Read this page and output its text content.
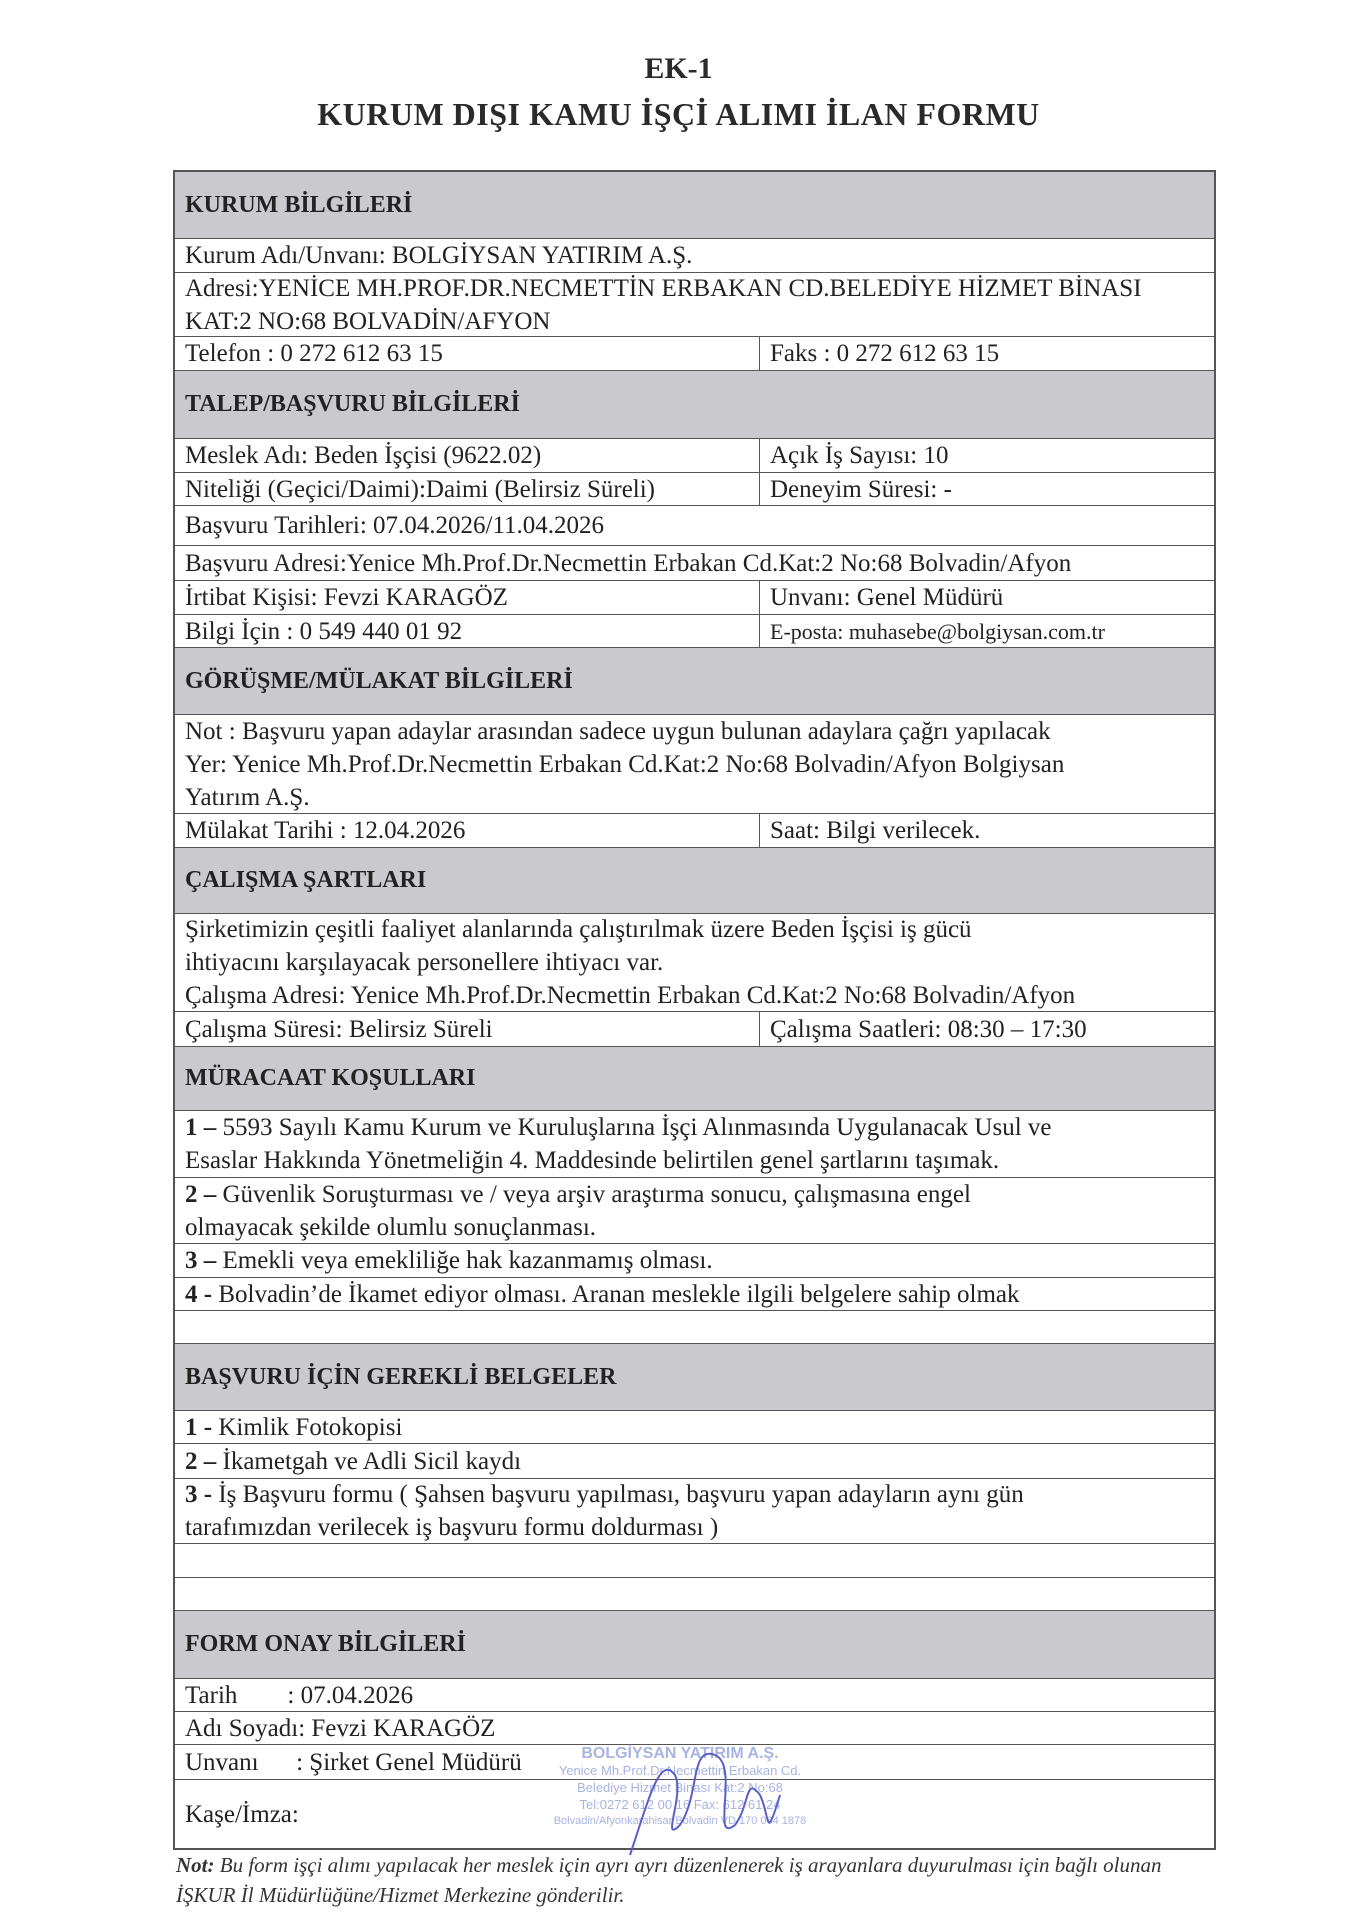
EK-1
KURUM DIŞI KAMU İŞÇİ ALIMI İLAN FORMU
KURUM BİLGİLERİ
Kurum Adı/Unvanı: BOLGİYSAN YATIRIM A.Ş.
Adresi:YENİCE MH.PROF.DR.NECMETTİN ERBAKAN CD.BELEDİYE HİZMET BİNASI
KAT:2 NO:68 BOLVADİN/AFYON
Telefon : 0 272 612 63 15	Faks : 0 272 612 63 15
TALEP/BAŞVURU BİLGİLERİ
Meslek Adı: Beden İşçisi (9622.02)	Açık İş Sayısı: 10
Niteliği (Geçici/Daimi):Daimi (Belirsiz Süreli)	Deneyim Süresi: -
Başvuru Tarihleri: 07.04.2026/11.04.2026
Başvuru Adresi:Yenice Mh.Prof.Dr.Necmettin Erbakan Cd.Kat:2 No:68 Bolvadin/Afyon
İrtibat Kişisi: Fevzi KARAGÖZ	Unvanı: Genel Müdürü
Bilgi İçin : 0 549 440 01 92	E-posta: muhasebe@bolgiysan.com.tr
GÖRÜŞME/MÜLAKAT BİLGİLERİ
Not : Başvuru yapan adaylar arasından sadece uygun bulunan adaylara çağrı yapılacak
Yer: Yenice Mh.Prof.Dr.Necmettin Erbakan Cd.Kat:2 No:68 Bolvadin/Afyon Bolgiysan
Yatırım A.Ş.
Mülakat Tarihi : 12.04.2026	Saat: Bilgi verilecek.
ÇALIŞMA ŞARTLARI
Şirketimizin çeşitli faaliyet alanlarında çalıştırılmak üzere Beden İşçisi iş gücü
ihtiyacını karşılayacak personellere ihtiyacı var.
Çalışma Adresi: Yenice Mh.Prof.Dr.Necmettin Erbakan Cd.Kat:2 No:68 Bolvadin/Afyon
Çalışma Süresi: Belirsiz Süreli	Çalışma Saatleri: 08:30 – 17:30
MÜRACAAT KOŞULLARI
1 – 5593 Sayılı Kamu Kurum ve Kuruluşlarına İşçi Alınmasında Uygulanacak Usul ve
Esaslar Hakkında Yönetmeliğin 4. Maddesinde belirtilen genel şartlarını taşımak.
2 – Güvenlik Soruşturması ve / veya arşiv araştırma sonucu, çalışmasına engel
olmayacak şekilde olumlu sonuçlanması.
3 – Emekli veya emekliliğe hak kazanmamış olması.
4 - Bolvadin’de İkamet ediyor olması. Aranan meslekle ilgili belgelere sahip olmak
BAŞVURU İÇİN GEREKLİ BELGELER
1 - Kimlik Fotokopisi
2 – İkametgah ve Adli Sicil kaydı
3 - İş Başvuru formu ( Şahsen başvuru yapılması, başvuru yapan adayların aynı gün
tarafımızdan verilecek iş başvuru formu doldurması )
FORM ONAY BİLGİLERİ
Tarih        : 07.04.2026
Adı Soyadı: Fevzi KARAGÖZ
Unvanı      : Şirket Genel Müdürü
Kaşe/İmza:
BOLGİYSAN YATIRIM A.Ş.
Yenice Mh.Prof.Dr.Necmettin Erbakan Cd.
Belediye Hizmet Binası Kat:2 No:68
Tel:0272 612 00 16 Fax: 612 61 24
Bolvadin/Afyonkarahisar Bolvadin VD 170 064 1878
Not: Bu form işçi alımı yapılacak her meslek için ayrı ayrı düzenlenerek iş arayanlara duyurulması için bağlı olunan İŞKUR İl Müdürlüğüne/Hizmet Merkezine gönderilir.
